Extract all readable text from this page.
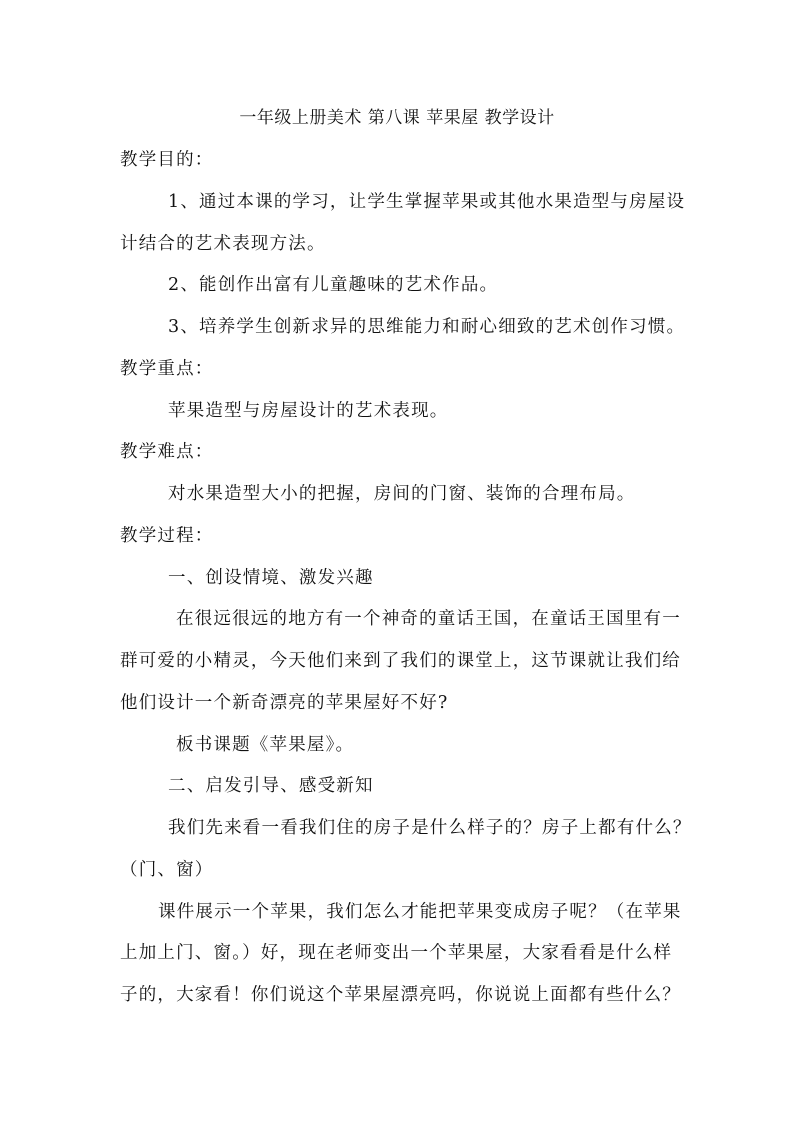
一年级上册美术 第八课 苹果屋 教学设计
教学目的：
1、通过本课的学习，让学生掌握苹果或其他水果造型与房屋设
计结合的艺术表现方法。
2、能创作出富有儿童趣味的艺术作品。
3、培养学生创新求异的思维能力和耐心细致的艺术创作习惯。
教学重点：
苹果造型与房屋设计的艺术表现。
教学难点：
对水果造型大小的把握，房间的门窗、装饰的合理布局。
教学过程：
一、创设情境、激发兴趣
在很远很远的地方有一个神奇的童话王国，在童话王国里有一
群可爱的小精灵，今天他们来到了我们的课堂上，这节课就让我们给
他们设计一个新奇漂亮的苹果屋好不好?
板书课题《苹果屋》。
二、启发引导、感受新知
我们先来看一看我们住的房子是什么样子的？房子上都有什么？
（门、窗）
课件展示一个苹果，我们怎么才能把苹果变成房子呢？（在苹果
上加上门、窗。）好，现在老师变出一个苹果屋，大家看看是什么样
子的，大家看！你们说这个苹果屋漂亮吗，你说说上面都有些什么？
